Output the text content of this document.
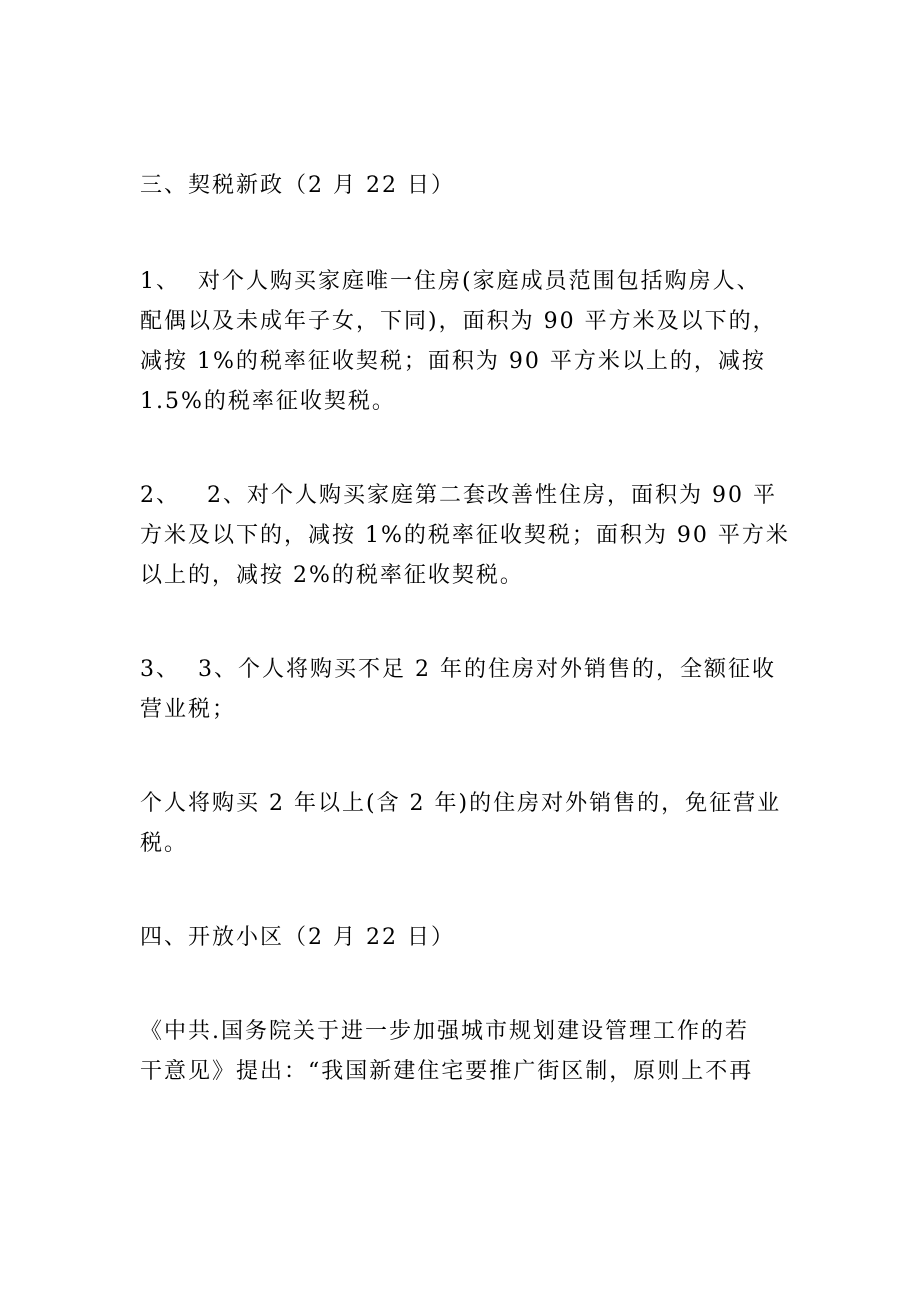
三、契税新政（2 月 22 日）

1、  对个人购买家庭唯一住房(家庭成员范围包括购房人、
配偶以及未成年子女，下同)，面积为 90 平方米及以下的，
减按 1%的税率征收契税；面积为 90 平方米以上的，减按
1.5%的税率征收契税。

2、   2、对个人购买家庭第二套改善性住房，面积为 90 平
方米及以下的，减按 1%的税率征收契税；面积为 90 平方米
以上的，减按 2%的税率征收契税。

3、  3、个人将购买不足 2 年的住房对外销售的，全额征收
营业税；

个人将购买 2 年以上(含 2 年)的住房对外销售的，免征营业
税。

四、开放小区（2 月 22 日）

《中共.国务院关于进一步加强城市规划建设管理工作的若
干意见》提出：“我国新建住宅要推广街区制，原则上不再
